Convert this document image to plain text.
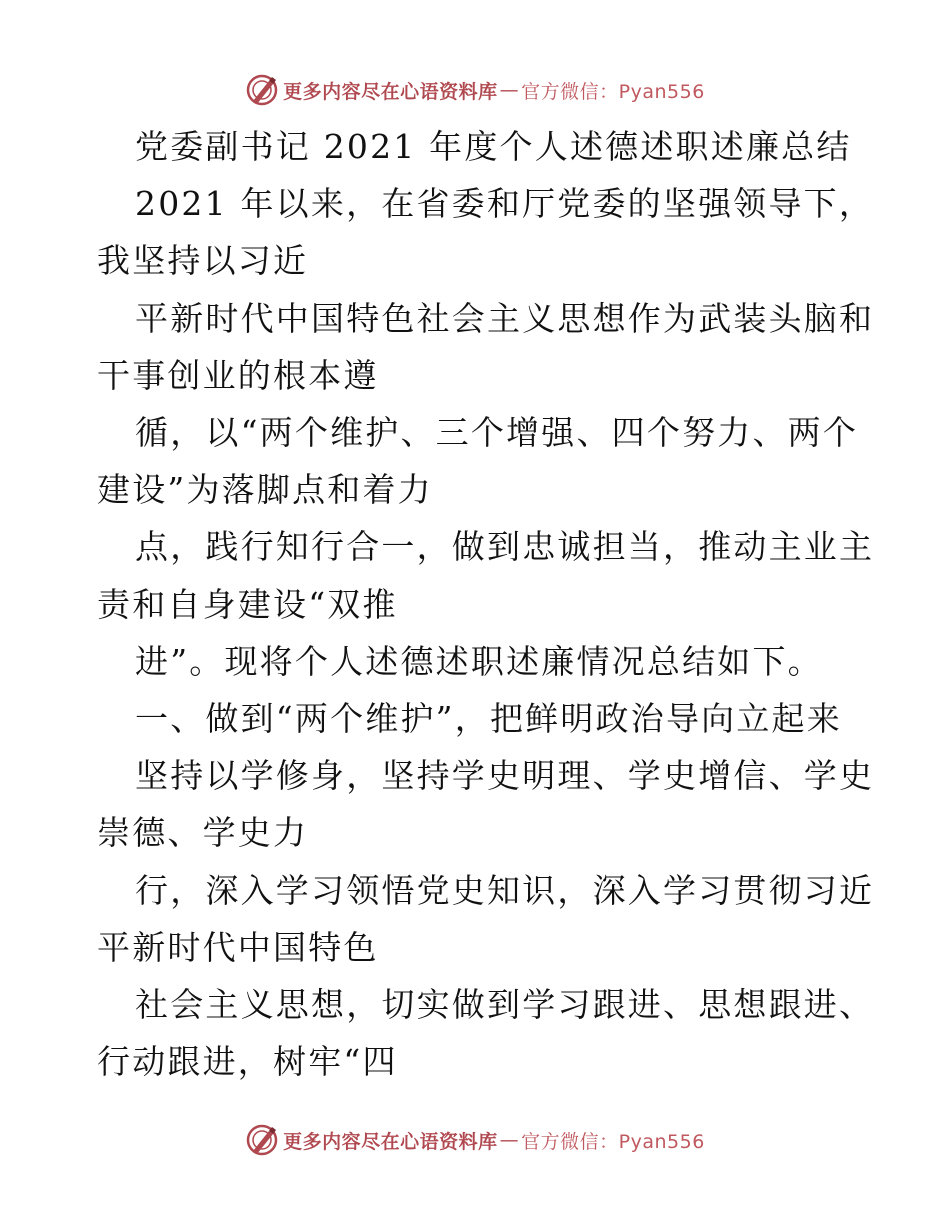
更多内容尽在心语资料库 — 官方微信：Pyan556
党委副书记 2021 年度个人述德述职述廉总结
2021 年以来，在省委和厅党委的坚强领导下，
我坚持以习近
平新时代中国特色社会主义思想作为武装头脑和
干事创业的根本遵
循，以“两个维护、三个增强、四个努力、两个
建设”为落脚点和着力
点，践行知行合一，做到忠诚担当，推动主业主
责和自身建设“双推
进”。现将个人述德述职述廉情况总结如下。
一、做到“两个维护”，把鲜明政治导向立起来
坚持以学修身，坚持学史明理、学史增信、学史
崇德、学史力
行，深入学习领悟党史知识，深入学习贯彻习近
平新时代中国特色
社会主义思想，切实做到学习跟进、思想跟进、
行动跟进，树牢“四
更多内容尽在心语资料库 — 官方微信：Pyan556
